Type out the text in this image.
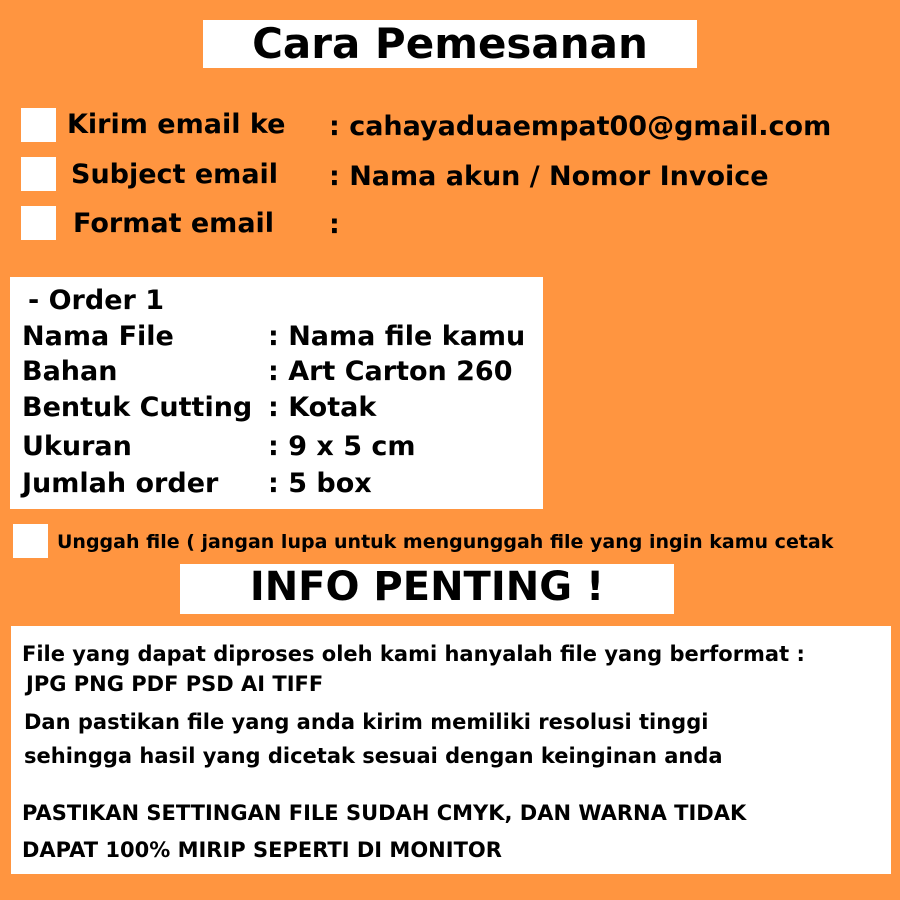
Cara Pemesanan
Kirim email ke : cahayaduaempat00@gmail.com
Subject email : Nama akun / Nomor Invoice
Format email :
- Order 1
Nama File	: Nama file kamu
Bahan	: Art Carton 260
Bentuk Cutting : Kotak
Ukuran	: 9 x 5 cm
Jumlah order : 5 box
Unggah file ( jangan lupa untuk mengunggah file yang ingin kamu cetak
INFO PENTING !
File yang dapat diproses oleh kami hanyalah file yang berformat :
JPG PNG PDF PSD AI TIFF
Dan pastikan file yang anda kirim memiliki resolusi tinggi
sehingga hasil yang dicetak sesuai dengan keinginan anda
PASTIKAN SETTINGAN FILE SUDAH CMYK, DAN WARNA TIDAK
DAPAT 100% MIRIP SEPERTI DI MONITOR
